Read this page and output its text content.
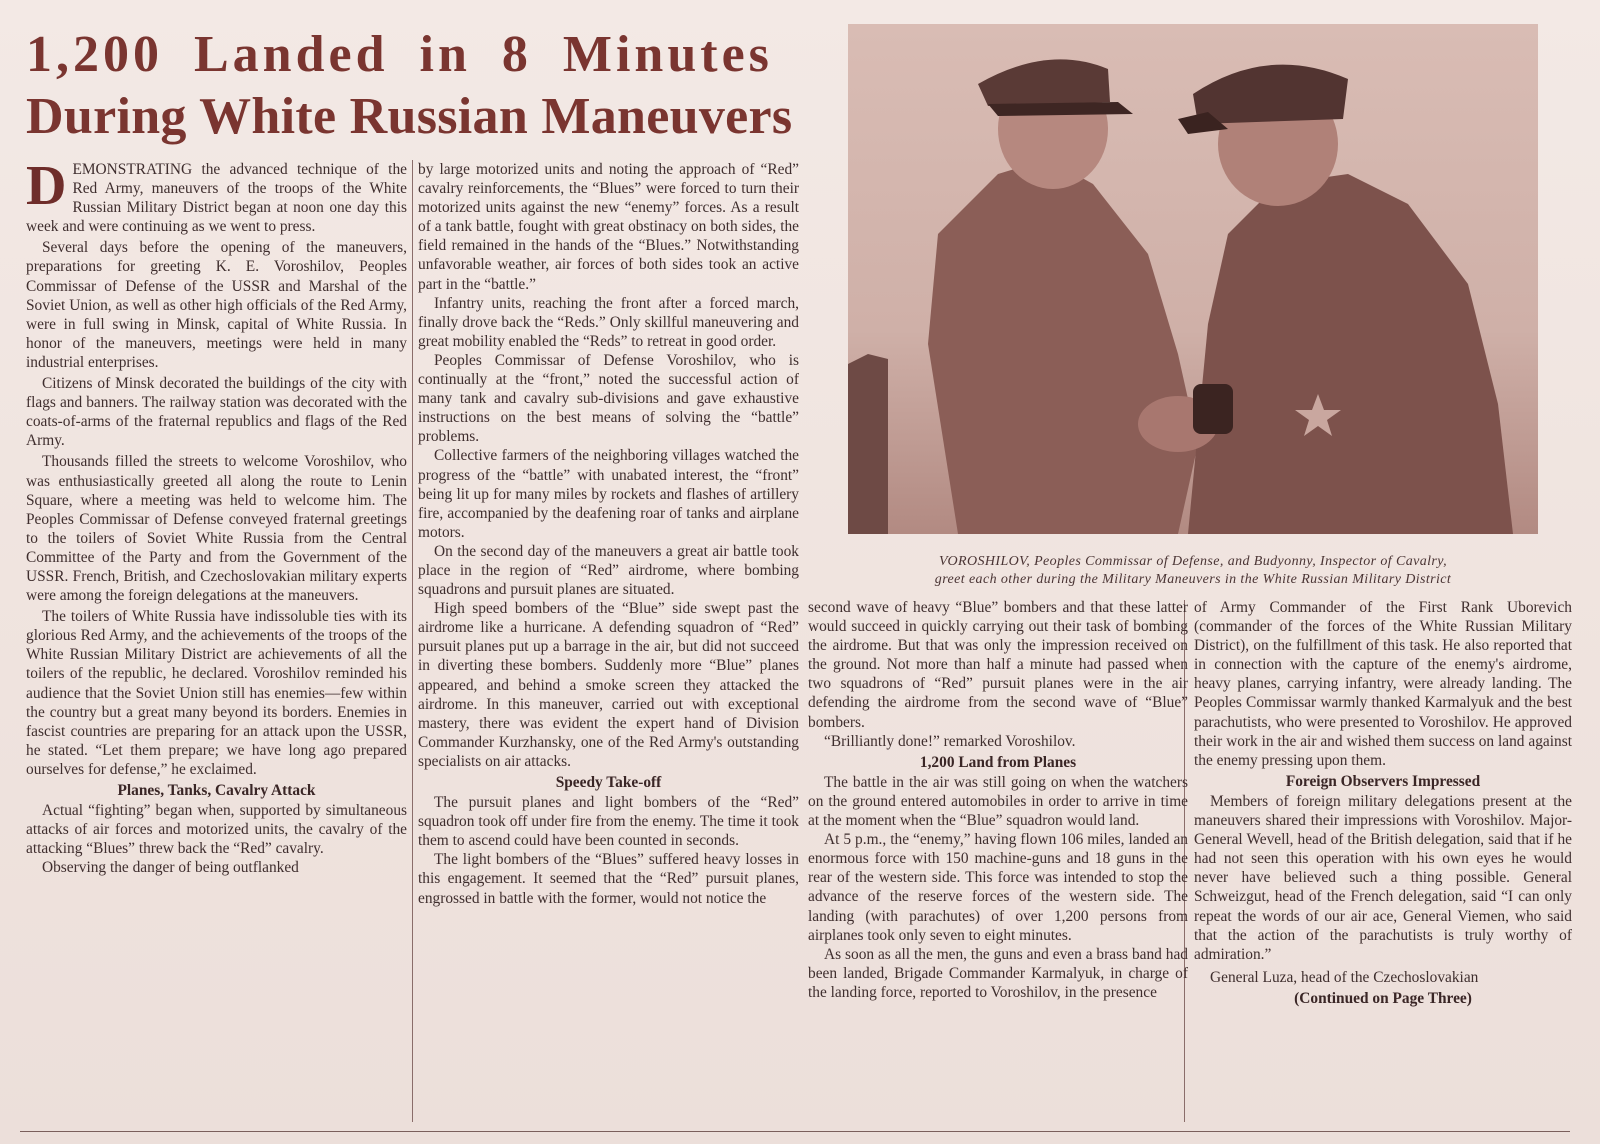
1,200 Landed in 8 Minutes
During White Russian Maneuvers

DEMONSTRATING the advanced technique of the Red Army, maneuvers of the troops of the White Russian Military District began at noon one day this week and were continuing as we went to press.

Several days before the opening of the maneuvers, preparations for greeting K. E. Voroshilov, Peoples Commissar of Defense of the USSR and Marshal of the Soviet Union, as well as other high officials of the Red Army, were in full swing in Minsk, capital of White Russia. In honor of the maneuvers, meetings were held in many industrial enterprises.

Citizens of Minsk decorated the buildings of the city with flags and banners. The railway station was decorated with the coats-of-arms of the fraternal republics and flags of the Red Army.

Thousands filled the streets to welcome Voroshilov, who was enthusiastically greeted all along the route to Lenin Square, where a meeting was held to welcome him. The Peoples Commissar of Defense conveyed fraternal greetings to the toilers of Soviet White Russia from the Central Committee of the Party and from the Government of the USSR. French, British, and Czechoslovakian military experts were among the foreign delegations at the maneuvers.

The toilers of White Russia have indissoluble ties with its glorious Red Army, and the achievements of the troops of the White Russian Military District are achievements of all the toilers of the republic, he declared. Voroshilov reminded his audience that the Soviet Union still has enemies—few within the country but a great many beyond its borders. Enemies in fascist countries are preparing for an attack upon the USSR, he stated. “Let them prepare; we have long ago prepared ourselves for defense,” he exclaimed.

Planes, Tanks, Cavalry Attack

Actual “fighting” began when, supported by simultaneous attacks of air forces and motorized units, the cavalry of the attacking “Blues” threw back the “Red” cavalry.

Observing the danger of being outflanked

by large motorized units and noting the approach of “Red” cavalry reinforcements, the “Blues” were forced to turn their motorized units against the new “enemy” forces. As a result of a tank battle, fought with great obstinacy on both sides, the field remained in the hands of the “Blues.” Notwithstanding unfavorable weather, air forces of both sides took an active part in the “battle.”

Infantry units, reaching the front after a forced march, finally drove back the “Reds.” Only skillful maneuvering and great mobility enabled the “Reds” to retreat in good order.

Peoples Commissar of Defense Voroshilov, who is continually at the “front,” noted the successful action of many tank and cavalry sub-divisions and gave exhaustive instructions on the best means of solving the “battle” problems.

Collective farmers of the neighboring villages watched the progress of the “battle” with unabated interest, the “front” being lit up for many miles by rockets and flashes of artillery fire, accompanied by the deafening roar of tanks and airplane motors.

On the second day of the maneuvers a great air battle took place in the region of “Red” airdrome, where bombing squadrons and pursuit planes are situated.

High speed bombers of the “Blue” side swept past the airdrome like a hurricane. A defending squadron of “Red” pursuit planes put up a barrage in the air, but did not succeed in diverting these bombers. Suddenly more “Blue” planes appeared, and behind a smoke screen they attacked the airdrome. In this maneuver, carried out with exceptional mastery, there was evident the expert hand of Division Commander Kurzhansky, one of the Red Army's outstanding specialists on air attacks.

Speedy Take-off

The pursuit planes and light bombers of the “Red” squadron took off under fire from the enemy. The time it took them to ascend could have been counted in seconds.

The light bombers of the “Blues” suffered heavy losses in this engagement. It seemed that the “Red” pursuit planes, engrossed in battle with the former, would not notice the

VOROSHILOV, Peoples Commissar of Defense, and Budyonny, Inspector of Cavalry,
greet each other during the Military Maneuvers in the White Russian Military District

second wave of heavy “Blue” bombers and that these latter would succeed in quickly carrying out their task of bombing the airdrome. But that was only the impression received on the ground. Not more than half a minute had passed when two squadrons of “Red” pursuit planes were in the air defending the airdrome from the second wave of “Blue” bombers.

“Brilliantly done!” remarked Voroshilov.

1,200 Land from Planes

The battle in the air was still going on when the watchers on the ground entered automobiles in order to arrive in time at the moment when the “Blue” squadron would land.

At 5 p.m., the “enemy,” having flown 106 miles, landed an enormous force with 150 machine-guns and 18 guns in the rear of the western side. This force was intended to stop the advance of the reserve forces of the western side. The landing (with parachutes) of over 1,200 persons from airplanes took only seven to eight minutes.

As soon as all the men, the guns and even a brass band had been landed, Brigade Commander Karmalyuk, in charge of the landing force, reported to Voroshilov, in the presence

of Army Commander of the First Rank Uborevich (commander of the forces of the White Russian Military District), on the fulfillment of this task. He also reported that in connection with the capture of the enemy's airdrome, heavy planes, carrying infantry, were already landing. The Peoples Commissar warmly thanked Karmalyuk and the best parachutists, who were presented to Voroshilov. He approved their work in the air and wished them success on land against the enemy pressing upon them.

Foreign Observers Impressed

Members of foreign military delegations present at the maneuvers shared their impressions with Voroshilov. Major-General Wevell, head of the British delegation, said that if he had not seen this operation with his own eyes he would never have believed such a thing possible. General Schweizgut, head of the French delegation, said “I can only repeat the words of our air ace, General Viemen, who said that the action of the parachutists is truly worthy of admiration.”

General Luza, head of the Czechoslovakian

(Continued on Page Three)
